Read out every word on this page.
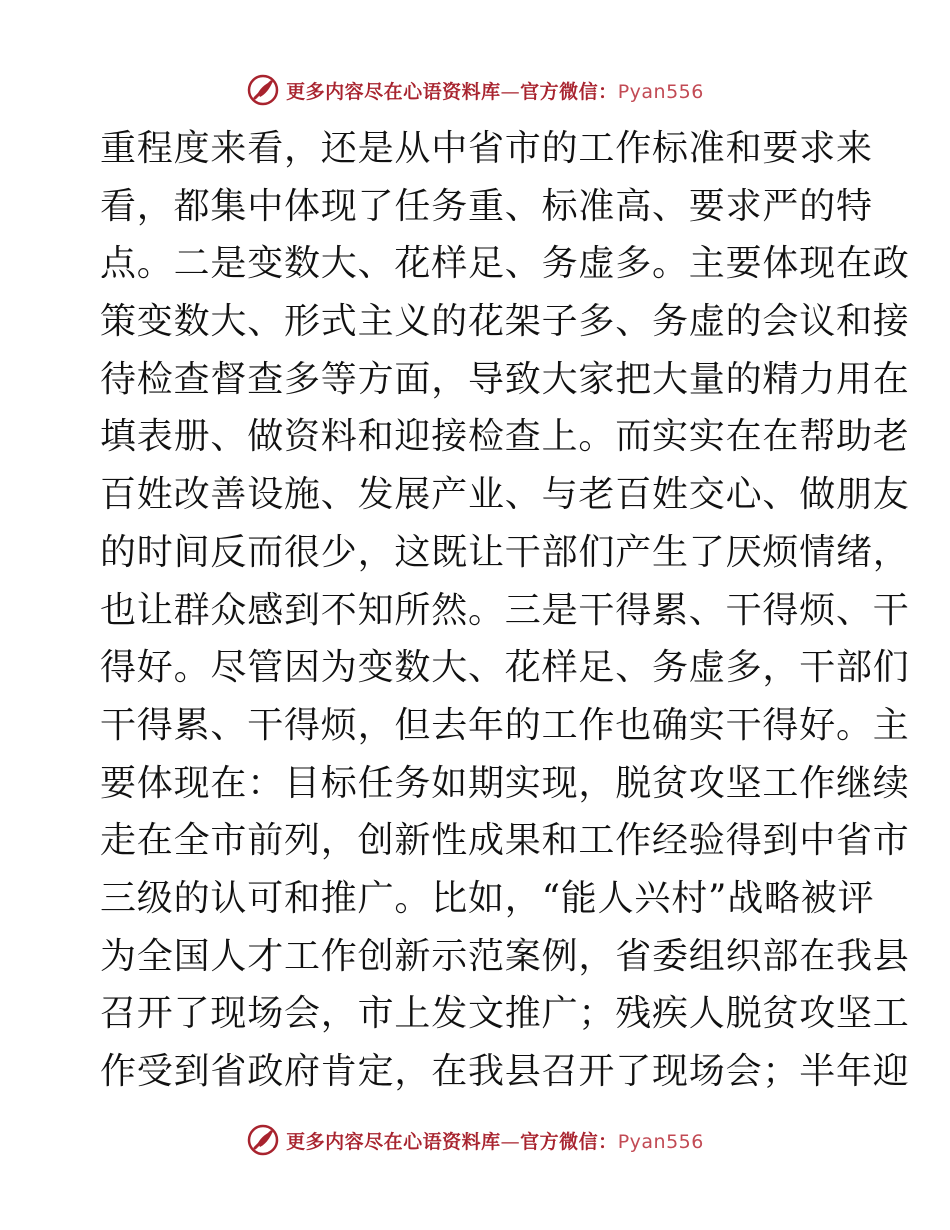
更多内容尽在心语资料库—官方微信：Pyan556
重程度来看，还是从中省市的工作标准和要求来
看，都集中体现了任务重、标准高、要求严的特
点。二是变数大、花样足、务虚多。主要体现在政
策变数大、形式主义的花架子多、务虚的会议和接
待检查督查多等方面，导致大家把大量的精力用在
填表册、做资料和迎接检查上。而实实在在帮助老
百姓改善设施、发展产业、与老百姓交心、做朋友
的时间反而很少，这既让干部们产生了厌烦情绪，
也让群众感到不知所然。三是干得累、干得烦、干
得好。尽管因为变数大、花样足、务虚多，干部们
干得累、干得烦，但去年的工作也确实干得好。主
要体现在：目标任务如期实现，脱贫攻坚工作继续
走在全市前列，创新性成果和工作经验得到中省市
三级的认可和推广。比如，“能人兴村”战略被评
为全国人才工作创新示范案例，省委组织部在我县
召开了现场会，市上发文推广；残疾人脱贫攻坚工
作受到省政府肯定，在我县召开了现场会；半年迎
更多内容尽在心语资料库—官方微信：Pyan556
